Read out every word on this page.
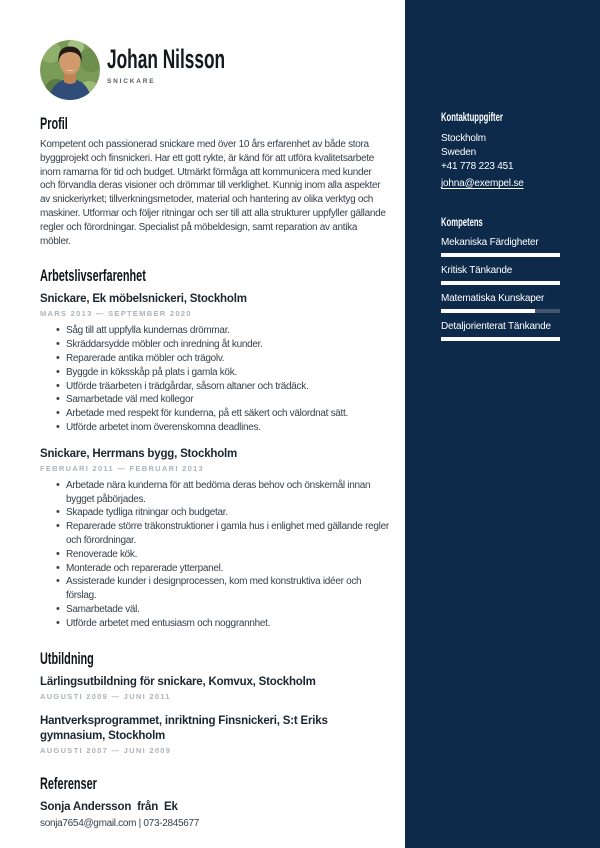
Johan Nilsson
SNICKARE
Profil

Kompetent och passionerad snickare med över 10 års erfarenhet av både stora byggprojekt och finsnickeri. Har ett gott rykte, är känd för att utföra kvalitetsarbete inom ramarna för tid och budget. Utmärkt förmåga att kommunicera med kunder och förvandla deras visioner och drömmar till verklighet. Kunnig inom alla aspekter av snickeriyrket; tillverkningsmetoder, material och hantering av olika verktyg och maskiner. Utformar och följer ritningar och ser till att alla strukturer uppfyller gällande regler och förordningar. Specialist på möbeldesign, samt reparation av antika möbler.

Arbetslivserfarenhet
Snickare, Ek möbelsnickeri, Stockholm
MARS 2013 — SEPTEMBER 2020
• Såg till att uppfylla kundernas drömmar.
• Skräddarsydde möbler och inredning åt kunder.
• Reparerade antika möbler och trägolv.
• Byggde in köksskåp på plats i gamla kök.
• Utförde träarbeten i trädgårdar, såsom altaner och trädäck.
• Samarbetade väl med kollegor
• Arbetade med respekt för kunderna, på ett säkert och välordnat sätt.
• Utförde arbetet inom överenskomna deadlines.
Snickare, Herrmans bygg, Stockholm
FEBRUARI 2011 — FEBRUARI 2013
• Arbetade nära kunderna för att bedöma deras behov och önskemål innan bygget påbörjades.
• Skapade tydliga ritningar och budgetar.
• Reparerade större träkonstruktioner i gamla hus i enlighet med gällande regler och förordningar.
• Renoverade kök.
• Monterade och reparerade ytterpanel.
• Assisterade kunder i designprocessen, kom med konstruktiva idéer och förslag.
• Samarbetade väl.
• Utförde arbetet med entusiasm och noggrannhet.
Utbildning
Lärlingsutbildning för snickare, Komvux, Stockholm
AUGUSTI 2009 — JUNI 2011
Hantverksprogrammet, inriktning Finsnickeri, S:t Eriks gymnasium, Stockholm
AUGUSTI 2007 — JUNI 2009
Referenser
Sonja Andersson  från  Ek
sonja7654@gmail.com | 073-2845677
Kontaktuppgifter
Stockholm
Sweden
+41 778 223 451
johna@exempel.se
Kompetens
Mekaniska Färdigheter
Kritisk Tänkande
Matematiska Kunskaper
Detaljorienterat Tänkande
